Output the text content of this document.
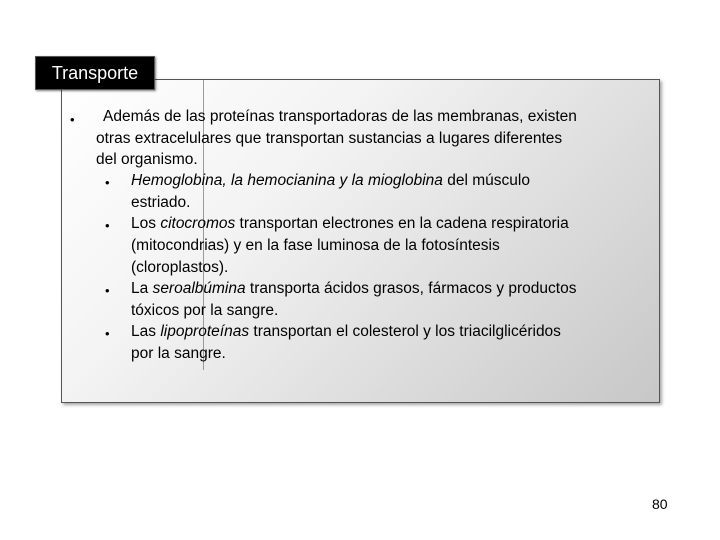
Transporte
• Además de las proteínas transportadoras de las membranas, existen
otras extracelulares que transportan sustancias a lugares diferentes
del organismo.
• Hemoglobina, la hemocianina y la mioglobina del músculo
estriado.
• Los citocromos transportan electrones en la cadena respiratoria
(mitocondrias) y en la fase luminosa de la fotosíntesis
(cloroplastos).
• La seroalbúmina transporta ácidos grasos, fármacos y productos
tóxicos por la sangre.
• Las lipoproteínas transportan el colesterol y los triacilglicéridos
por la sangre.
80
